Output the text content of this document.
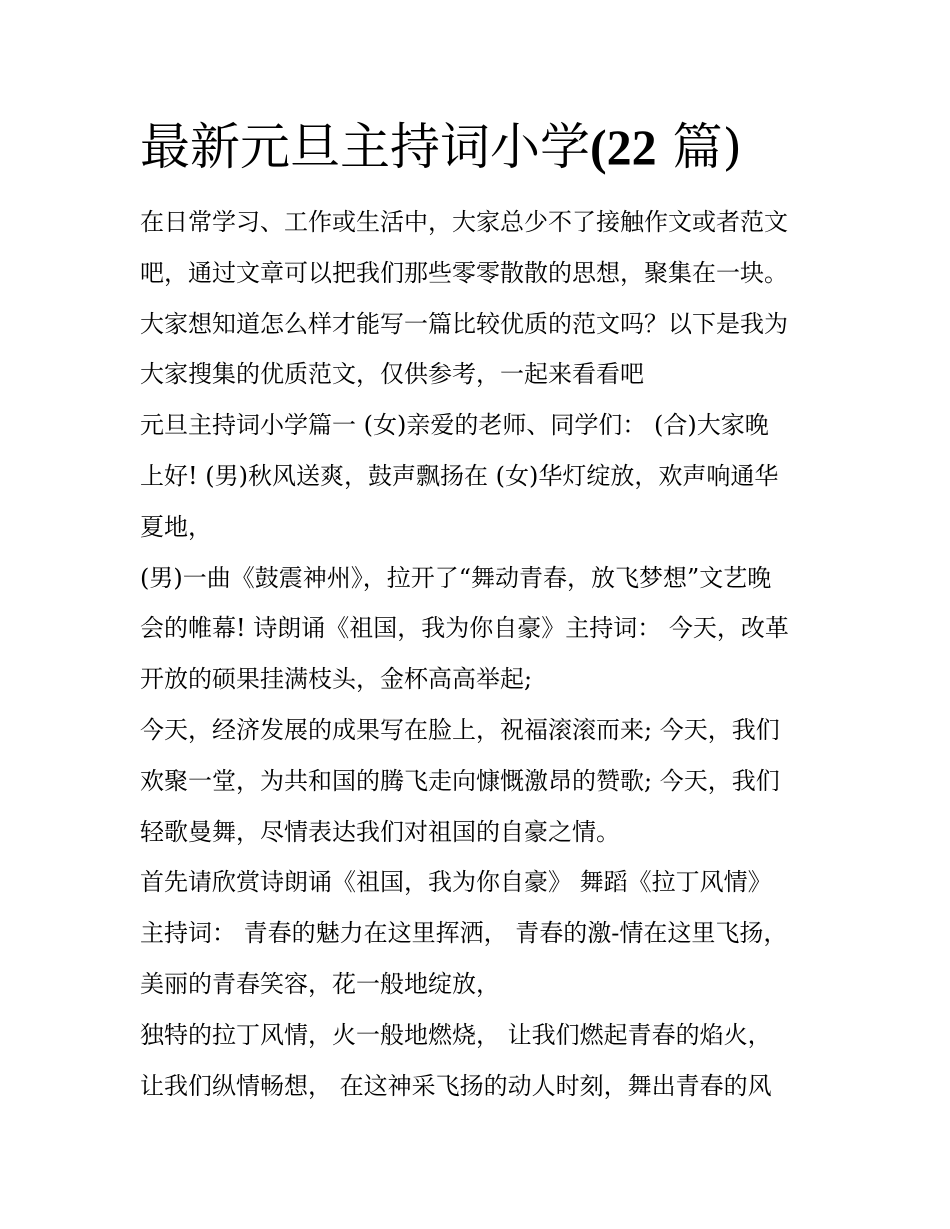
最新元旦主持词小学(22 篇)
在日常学习、工作或生活中，大家总少不了接触作文或者范文
吧，通过文章可以把我们那些零零散散的思想，聚集在一块。
大家想知道怎么样才能写一篇比较优质的范文吗？以下是我为
大家搜集的优质范文，仅供参考，一起来看看吧
元旦主持词小学篇一 (女)亲爱的老师、同学们： (合)大家晚
上好! (男)秋风送爽，鼓声飘扬在 (女)华灯绽放，欢声响通华
夏地，
(男)一曲《鼓震神州》，拉开了“舞动青春，放飞梦想”文艺晚
会的帷幕! 诗朗诵《祖国，我为你自豪》主持词： 今天，改革
开放的硕果挂满枝头，金杯高高举起;
今天，经济发展的成果写在脸上，祝福滚滚而来; 今天，我们
欢聚一堂，为共和国的腾飞走向慷慨激昂的赞歌; 今天，我们
轻歌曼舞，尽情表达我们对祖国的自豪之情。
首先请欣赏诗朗诵《祖国，我为你自豪》 舞蹈《拉丁风情》
主持词： 青春的魅力在这里挥洒， 青春的激-情在这里飞扬，
美丽的青春笑容，花一般地绽放，
独特的拉丁风情，火一般地燃烧， 让我们燃起青春的焰火，
让我们纵情畅想， 在这神采飞扬的动人时刻，舞出青春的风
